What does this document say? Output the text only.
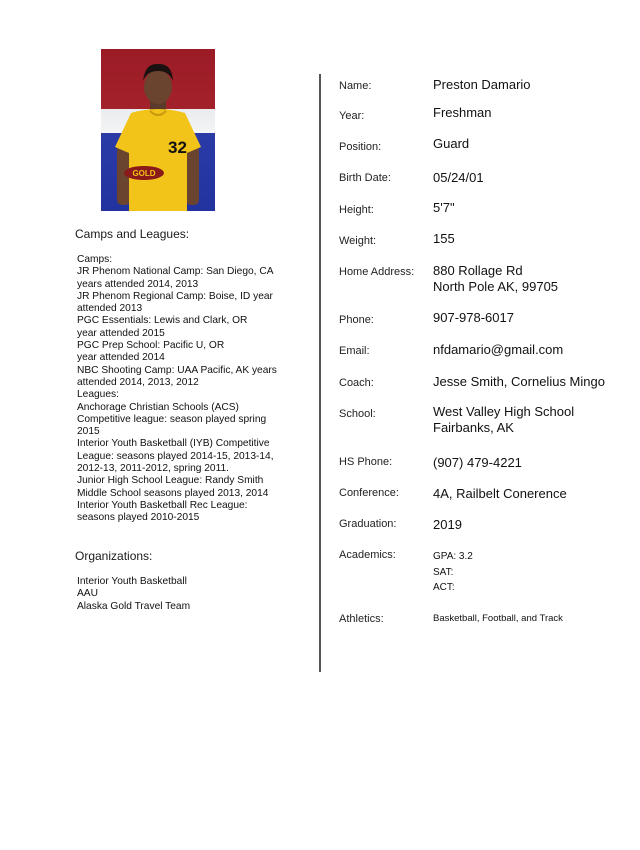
GOLD
32
Camps and Leagues:
Camps:
JR Phenom National Camp: San Diego, CA
years attended 2014, 2013
JR Phenom Regional Camp: Boise, ID year
attended 2013
PGC Essentials: Lewis and Clark, OR
year attended 2015
PGC Prep School: Pacific U, OR
year attended 2014
NBC Shooting Camp: UAA Pacific, AK years
attended 2014, 2013, 2012
Leagues:
Anchorage Christian Schools (ACS)
Competitive league: season played spring
2015
Interior Youth Basketball (IYB) Competitive
League: seasons played 2014-15, 2013-14,
2012-13, 2011-2012, spring 2011.
Junior High School League: Randy Smith
Middle School seasons played 2013, 2014
Interior Youth Basketball Rec League:
seasons played 2010-2015
Organizations:
Interior Youth Basketball
AAU
Alaska Gold Travel Team
Name:	Preston Damario
Year:	Freshman
Position:	Guard
Birth Date:	05/24/01
Height:	5'7"
Weight:	155
Home Address: 880 Rollage Rd
North Pole AK, 99705
Phone:	907-978-6017
Email:	nfdamario@gmail.com
Coach:	Jesse Smith, Cornelius Mingo
School:	West Valley High School
Fairbanks, AK
HS Phone:	(907) 479-4221
Conference:	4A, Railbelt Conerence
Graduation:	2019
Academics:	GPA: 3.2
SAT:
ACT:
Athletics:	Basketball, Football, and Track
